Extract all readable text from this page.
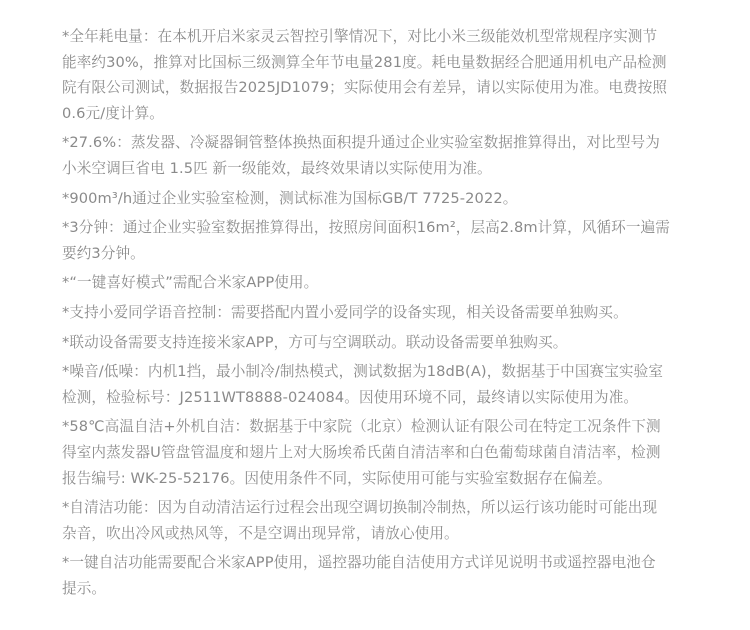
*全年耗电量：在本机开启米家灵云智控引擎情况下，对比小米三级能效机型常规程序实测节
能率约30%，推算对比国标三级测算全年节电量281度。耗电量数据经合肥通用机电产品检测
院有限公司测试，数据报告2025JD1079；实际使用会有差异，请以实际使用为准。电费按照
0.6元/度计算。
*27.6%：蒸发器、冷凝器铜管整体换热面积提升通过企业实验室数据推算得出，对比型号为
小米空调巨省电 1.5匹 新一级能效，最终效果请以实际使用为准。
*900m³/h通过企业实验室检测，测试标准为国标GB/T 7725-2022。
*3分钟：通过企业实验室数据推算得出，按照房间面积16m²，层高2.8m计算，风循环一遍需
要约3分钟。
*“一键喜好模式”需配合米家APP使用。
*支持小爱同学语音控制：需要搭配内置小爱同学的设备实现，相关设备需要单独购买。
*联动设备需要支持连接米家APP，方可与空调联动。联动设备需要单独购买。
*噪音/低噪：内机1挡，最小制冷/制热模式，测试数据为18dB(A)，数据基于中国赛宝实验室
检测，检验标号：J2511WT8888-024084。因使用环境不同，最终请以实际使用为准。
*58℃高温自洁+外机自洁：数据基于中家院（北京）检测认证有限公司在特定工况条件下测
得室内蒸发器U管盘管温度和翅片上对大肠埃希氏菌自清洁率和白色葡萄球菌自清洁率，检测
报告编号: WK-25-52176。因使用条件不同，实际使用可能与实验室数据存在偏差。
*自清洁功能：因为自动清洁运行过程会出现空调切换制冷制热，所以运行该功能时可能出现
杂音，吹出冷风或热风等，不是空调出现异常，请放心使用。
*一键自洁功能需要配合米家APP使用，遥控器功能自洁使用方式详见说明书或遥控器电池仓
提示。
